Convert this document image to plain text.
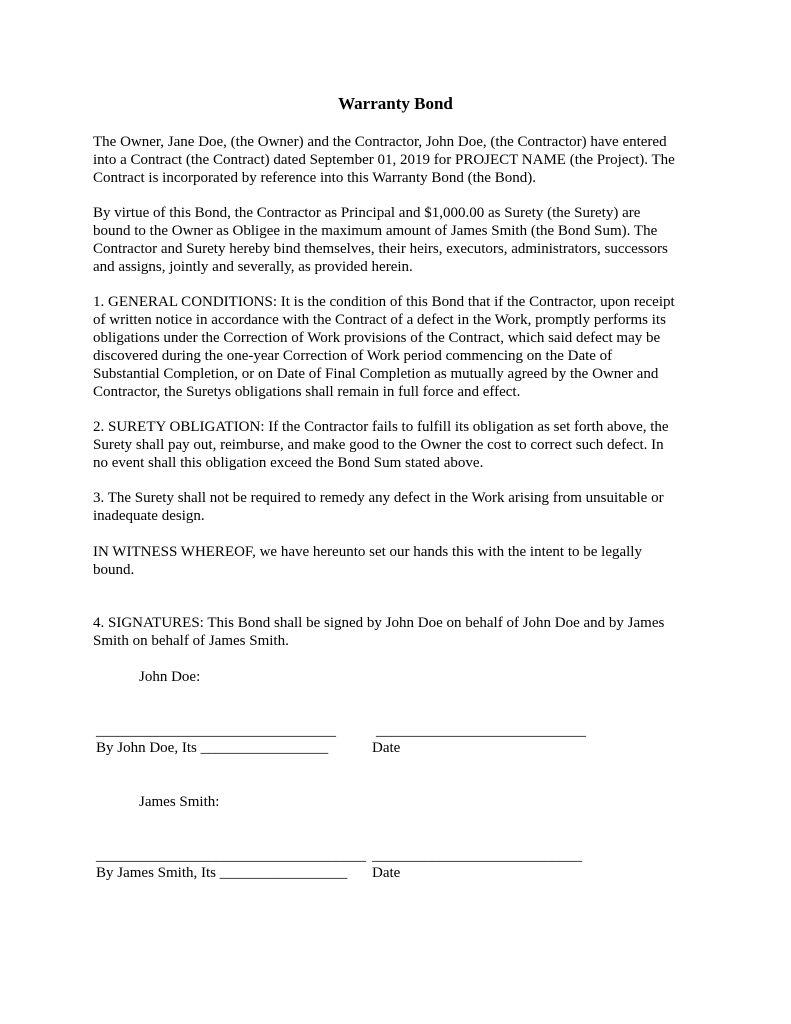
Warranty Bond

The Owner, Jane Doe, (the Owner) and the Contractor, John Doe, (the Contractor) have entered
into a Contract (the Contract) dated September 01, 2019 for PROJECT NAME (the Project). The
Contract is incorporated by reference into this Warranty Bond (the Bond).

By virtue of this Bond, the Contractor as Principal and $1,000.00 as Surety (the Surety) are
bound to the Owner as Obligee in the maximum amount of James Smith (the Bond Sum). The
Contractor and Surety hereby bind themselves, their heirs, executors, administrators, successors
and assigns, jointly and severally, as provided herein.

1. GENERAL CONDITIONS: It is the condition of this Bond that if the Contractor, upon receipt
of written notice in accordance with the Contract of a defect in the Work, promptly performs its
obligations under the Correction of Work provisions of the Contract, which said defect may be
discovered during the one-year Correction of Work period commencing on the Date of
Substantial Completion, or on Date of Final Completion as mutually agreed by the Owner and
Contractor, the Suretys obligations shall remain in full force and effect.

2. SURETY OBLIGATION: If the Contractor fails to fulfill its obligation as set forth above, the
Surety shall pay out, reimburse, and make good to the Owner the cost to correct such defect. In
no event shall this obligation exceed the Bond Sum stated above.

3. The Surety shall not be required to remedy any defect in the Work arising from unsuitable or
inadequate design.

IN WITNESS WHEREOF, we have hereunto set our hands this with the intent to be legally
bound.

4. SIGNATURES: This Bond shall be signed by John Doe on behalf of John Doe and by James
Smith on behalf of James Smith.

John Doe:
________________________________	____________________________
By John Doe, Its _________________	Date
James Smith:
____________________________________ ____________________________
By James Smith, Its _________________ Date
